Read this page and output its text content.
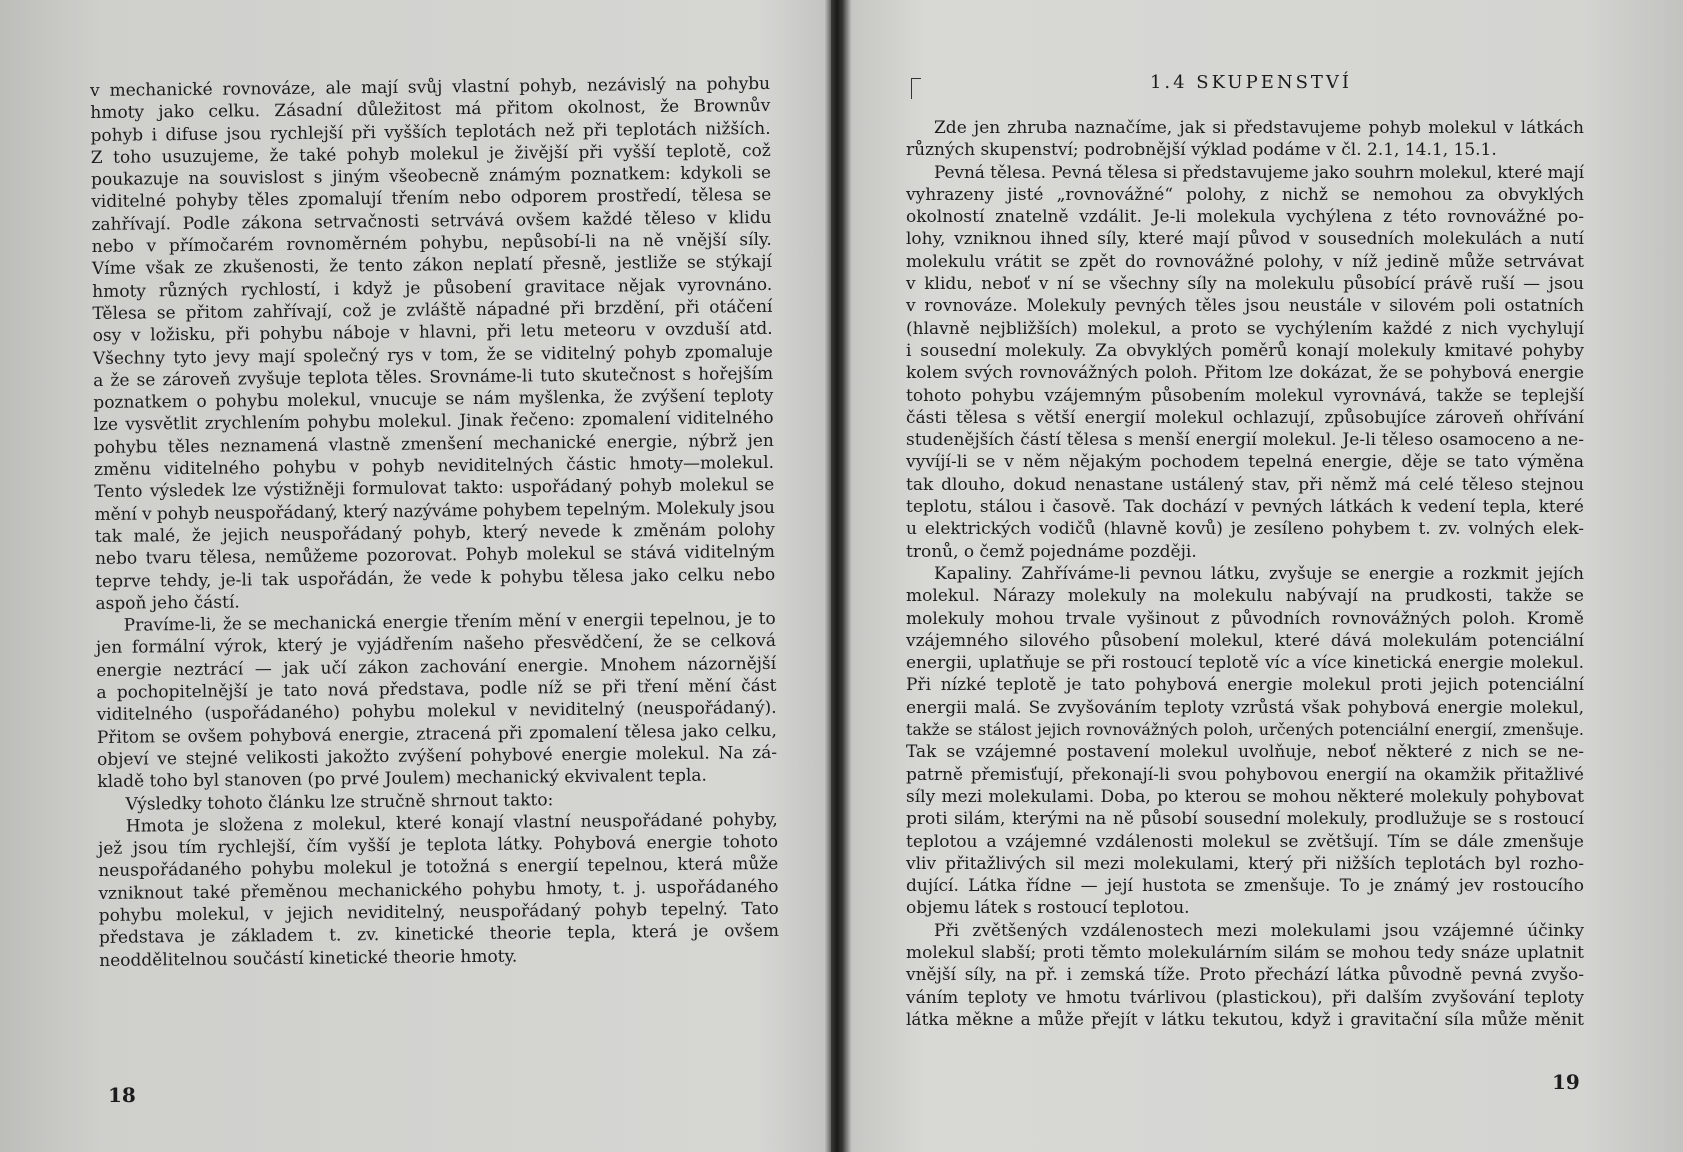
v mechanické rovnováze, ale mají svůj vlastní pohyb, nezávislý na pohybu
hmoty jako celku. Zásadní důležitost má přitom okolnost, že Brownův
pohyb i difuse jsou rychlejší při vyšších teplotách než při teplotách nižších.
Z toho usuzujeme, že také pohyb molekul je živější při vyšší teplotě, což
poukazuje na souvislost s jiným všeobecně známým poznatkem: kdykoli se
viditelné pohyby těles zpomalují třením nebo odporem prostředí, tělesa se
zahřívají. Podle zákona setrvačnosti setrvává ovšem každé těleso v klidu
nebo v přímočarém rovnoměrném pohybu, nepůsobí-li na ně vnější síly.
Víme však ze zkušenosti, že tento zákon neplatí přesně, jestliže se stýkají
hmoty různých rychlostí, i když je působení gravitace nějak vyrovnáno.
Tělesa se přitom zahřívají, což je zvláště nápadné při brzdění, při otáčení
osy v ložisku, při pohybu náboje v hlavni, při letu meteoru v ovzduší atd.
Všechny tyto jevy mají společný rys v tom, že se viditelný pohyb zpomaluje
a že se zároveň zvyšuje teplota těles. Srovnáme-li tuto skutečnost s hořejším
poznatkem o pohybu molekul, vnucuje se nám myšlenka, že zvýšení teploty
lze vysvětlit zrychlením pohybu molekul. Jinak řečeno: zpomalení viditelného
pohybu těles neznamená vlastně zmenšení mechanické energie, nýbrž jen
změnu viditelného pohybu v pohyb neviditelných částic hmoty—molekul.
Tento výsledek lze výstižněji formulovat takto: uspořádaný pohyb molekul se
mění v pohyb neuspořádaný, který nazýváme pohybem tepelným. Molekuly jsou
tak malé, že jejich neuspořádaný pohyb, který nevede k změnám polohy
nebo tvaru tělesa, nemůžeme pozorovat. Pohyb molekul se stává viditelným
teprve tehdy, je-li tak uspořádán, že vede k pohybu tělesa jako celku nebo
aspoň jeho částí.
Pravíme-li, že se mechanická energie třením mění v energii tepelnou, je to
jen formální výrok, který je vyjádřením našeho přesvědčení, že se celková
energie neztrácí — jak učí zákon zachování energie. Mnohem názornější
a pochopitelnější je tato nová představa, podle níž se při tření mění část
viditelného (uspořádaného) pohybu molekul v neviditelný (neuspořádaný).
Přitom se ovšem pohybová energie, ztracená při zpomalení tělesa jako celku,
objeví ve stejné velikosti jakožto zvýšení pohybové energie molekul. Na zá-
kladě toho byl stanoven (po prvé Joulem) mechanický ekvivalent tepla.
Výsledky tohoto článku lze stručně shrnout takto:
Hmota je složena z molekul, které konají vlastní neuspořádané pohyby,
jež jsou tím rychlejší, čím vyšší je teplota látky. Pohybová energie tohoto
neuspořádaného pohybu molekul je totožná s energií tepelnou, která může
vzniknout také přeměnou mechanického pohybu hmoty, t. j. uspořádaného
pohybu molekul, v jejich neviditelný, neuspořádaný pohyb tepelný. Tato
představa je základem t. zv. kinetické theorie tepla, která je ovšem
neoddělitelnou součástí kinetické theorie hmoty.
18
1.4 SKUPENSTVÍ
Zde jen zhruba naznačíme, jak si představujeme pohyb molekul v látkách
různých skupenství; podrobnější výklad podáme v čl. 2.1, 14.1, 15.1.
Pevná tělesa. Pevná tělesa si představujeme jako souhrn molekul, které mají
vyhrazeny jisté „rovnovážné“ polohy, z nichž se nemohou za obvyklých
okolností znatelně vzdálit. Je-li molekula vychýlena z této rovnovážné po-
lohy, vzniknou ihned síly, které mají původ v sousedních molekulách a nutí
molekulu vrátit se zpět do rovnovážné polohy, v níž jedině může setrvávat
v klidu, neboť v ní se všechny síly na molekulu působící právě ruší — jsou
v rovnováze. Molekuly pevných těles jsou neustále v silovém poli ostatních
(hlavně nejbližších) molekul, a proto se vychýlením každé z nich vychylují
i sousední molekuly. Za obvyklých poměrů konají molekuly kmitavé pohyby
kolem svých rovnovážných poloh. Přitom lze dokázat, že se pohybová energie
tohoto pohybu vzájemným působením molekul vyrovnává, takže se teplejší
části tělesa s větší energií molekul ochlazují, způsobujíce zároveň ohřívání
studenějších částí tělesa s menší energií molekul. Je-li těleso osamoceno a ne-
vyvíjí-li se v něm nějakým pochodem tepelná energie, děje se tato výměna
tak dlouho, dokud nenastane ustálený stav, při němž má celé těleso stejnou
teplotu, stálou i časově. Tak dochází v pevných látkách k vedení tepla, které
u elektrických vodičů (hlavně kovů) je zesíleno pohybem t. zv. volných elek-
tronů, o čemž pojednáme později.
Kapaliny. Zahříváme-li pevnou látku, zvyšuje se energie a rozkmit jejích
molekul. Nárazy molekuly na molekulu nabývají na prudkosti, takže se
molekuly mohou trvale vyšinout z původních rovnovážných poloh. Kromě
vzájemného silového působení molekul, které dává molekulám potenciální
energii, uplatňuje se při rostoucí teplotě víc a více kinetická energie molekul.
Při nízké teplotě je tato pohybová energie molekul proti jejich potenciální
energii malá. Se zvyšováním teploty vzrůstá však pohybová energie molekul,
takže se stálost jejich rovnovážných poloh, určených potenciální energií, zmenšuje.
Tak se vzájemné postavení molekul uvolňuje, neboť některé z nich se ne-
patrně přemisťují, překonají-li svou pohybovou energií na okamžik přitažlivé
síly mezi molekulami. Doba, po kterou se mohou některé molekuly pohybovat
proti silám, kterými na ně působí sousední molekuly, prodlužuje se s rostoucí
teplotou a vzájemné vzdálenosti molekul se zvětšují. Tím se dále zmenšuje
vliv přitažlivých sil mezi molekulami, který při nižších teplotách byl rozho-
dující. Látka řídne — její hustota se zmenšuje. To je známý jev rostoucího
objemu látek s rostoucí teplotou.
Při zvětšených vzdálenostech mezi molekulami jsou vzájemné účinky
molekul slabší; proti těmto molekulárním silám se mohou tedy snáze uplatnit
vnější síly, na př. i zemská tíže. Proto přechází látka původně pevná zvyšo-
váním teploty ve hmotu tvárlivou (plastickou), při dalším zvyšování teploty
látka měkne a může přejít v látku tekutou, když i gravitační síla může měnit
19
